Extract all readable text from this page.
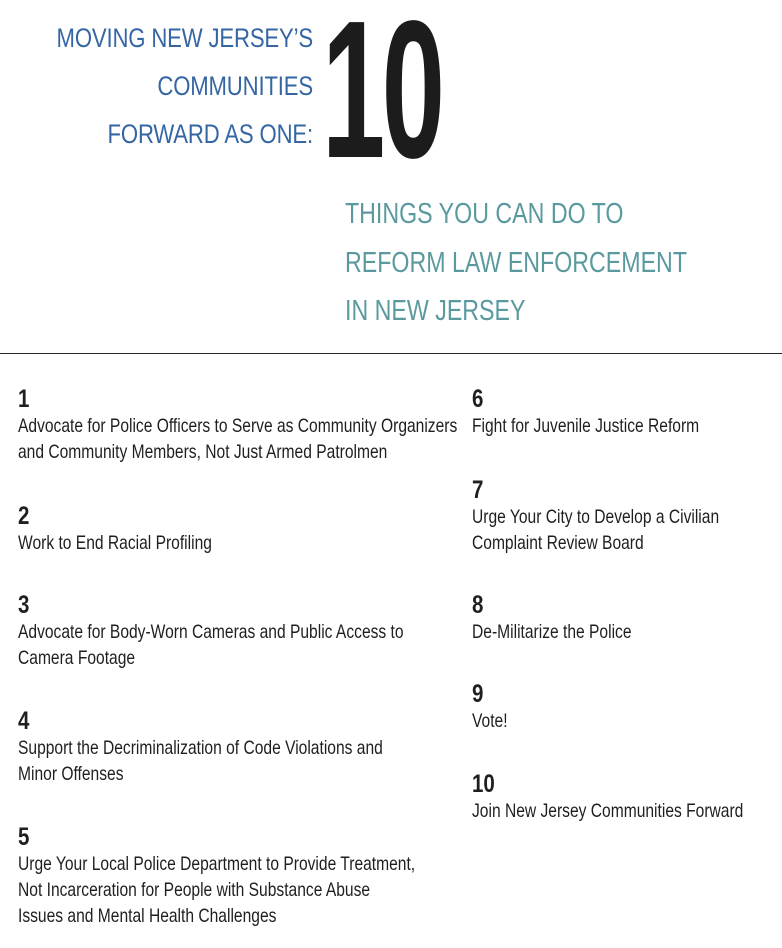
MOVING NEW JERSEY’S
COMMUNITIES
FORWARD AS ONE: 10
THINGS YOU CAN DO TO
REFORM LAW ENFORCEMENT
IN NEW JERSEY
1
Advocate for Police Officers to Serve as Community Organizers
and Community Members, Not Just Armed Patrolmen
2
Work to End Racial Profiling
3
Advocate for Body-Worn Cameras and Public Access to
Camera Footage
4
Support the Decriminalization of Code Violations and
Minor Offenses
5
Urge Your Local Police Department to Provide Treatment,
Not Incarceration for People with Substance Abuse
Issues and Mental Health Challenges
6
Fight for Juvenile Justice Reform
7
Urge Your City to Develop a Civilian
Complaint Review Board
8
De-Militarize the Police
9
Vote!
10
Join New Jersey Communities Forward
